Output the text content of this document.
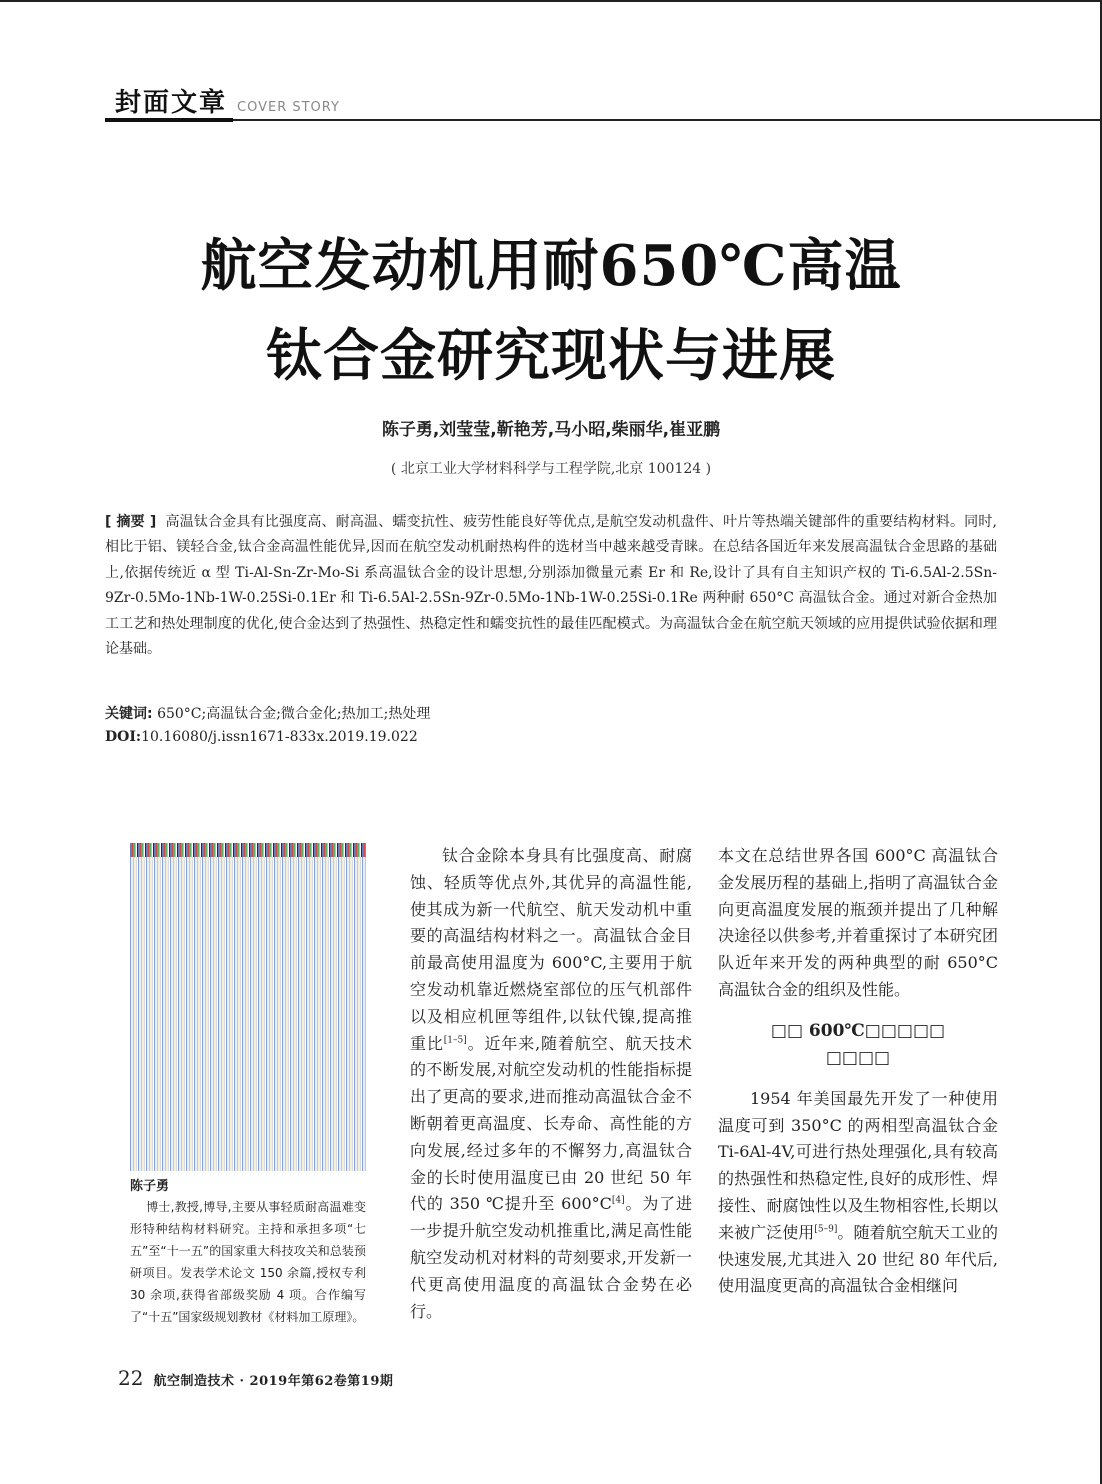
封面文章 COVER STORY
航空发动机用耐650℃高温
钛合金研究现状与进展
陈子勇,刘莹莹,靳艳芳,马小昭,柴丽华,崔亚鹏
( 北京工业大学材料科学与工程学院,北京 100124 )
[ 摘要 ] 高温钛合金具有比强度高、耐高温、蠕变抗性、疲劳性能良好等优点,是航空发动机盘件、叶片等热端关键部件的重要结构材料。同时,相比于铝、镁轻合金,钛合金高温性能优异,因而在航空发动机耐热构件的选材当中越来越受青睐。在总结各国近年来发展高温钛合金思路的基础上,依据传统近 α 型 Ti-Al-Sn-Zr-Mo-Si 系高温钛合金的设计思想,分别添加微量元素 Er 和 Re,设计了具有自主知识产权的 Ti-6.5Al-2.5Sn-9Zr-0.5Mo-1Nb-1W-0.25Si-0.1Er 和 Ti-6.5Al-2.5Sn-9Zr-0.5Mo-1Nb-1W-0.25Si-0.1Re 两种耐 650°C 高温钛合金。通过对新合金热加工工艺和热处理制度的优化,使合金达到了热强性、热稳定性和蠕变抗性的最佳匹配模式。为高温钛合金在航空航天领域的应用提供试验依据和理论基础。
关键词: 650°C;高温钛合金;微合金化;热加工;热处理
DOI:10.16080/j.issn1671-833x.2019.19.022
陈子勇
博士,教授,博导,主要从事轻质耐高温难变形特种结构材料研究。主持和承担多项“七五”至“十一五”的国家重大科技攻关和总装预研项目。发表学术论文 150 余篇,授权专利 30 余项,获得省部级奖励 4 项。合作编写了“十五”国家级规划教材《材料加工原理》。

钛合金除本身具有比强度高、耐腐蚀、轻质等优点外,其优异的高温性能,使其成为新一代航空、航天发动机中重要的高温结构材料之一。高温钛合金目前最高使用温度为 600°C,主要用于航空发动机靠近燃烧室部位的压气机部件以及相应机匣等组件,以钛代镍,提高推重比[1–5]。近年来,随着航空、航天技术的不断发展,对航空发动机的性能指标提出了更高的要求,进而推动高温钛合金不断朝着更高温度、长寿命、高性能的方向发展,经过多年的不懈努力,高温钛合金的长时使用温度已由 20 世纪 50 年代的 350 ℃提升至 600°C[4]。为了进一步提升航空发动机推重比,满足高性能航空发动机对材料的苛刻要求,开发新一代更高使用温度的高温钛合金势在必行。

本文在总结世界各国 600°C 高温钛合金发展历程的基础上,指明了高温钛合金向更高温度发展的瓶颈并提出了几种解决途径以供参考,并着重探讨了本研究团队近年来开发的两种典型的耐 650°C 高温钛合金的组织及性能。

□□ 600℃□□□□□
□□□□

1954 年美国最先开发了一种使用温度可到 350°C 的两相型高温钛合金 Ti-6Al-4V,可进行热处理强化,具有较高的热强性和热稳定性,良好的成形性、焊接性、耐腐蚀性以及生物相容性,长期以来被广泛使用[5–9]。随着航空航天工业的快速发展,尤其进入 20 世纪 80 年代后,使用温度更高的高温钛合金相继问

22 航空制造技术 · 2019年第62卷第19期
